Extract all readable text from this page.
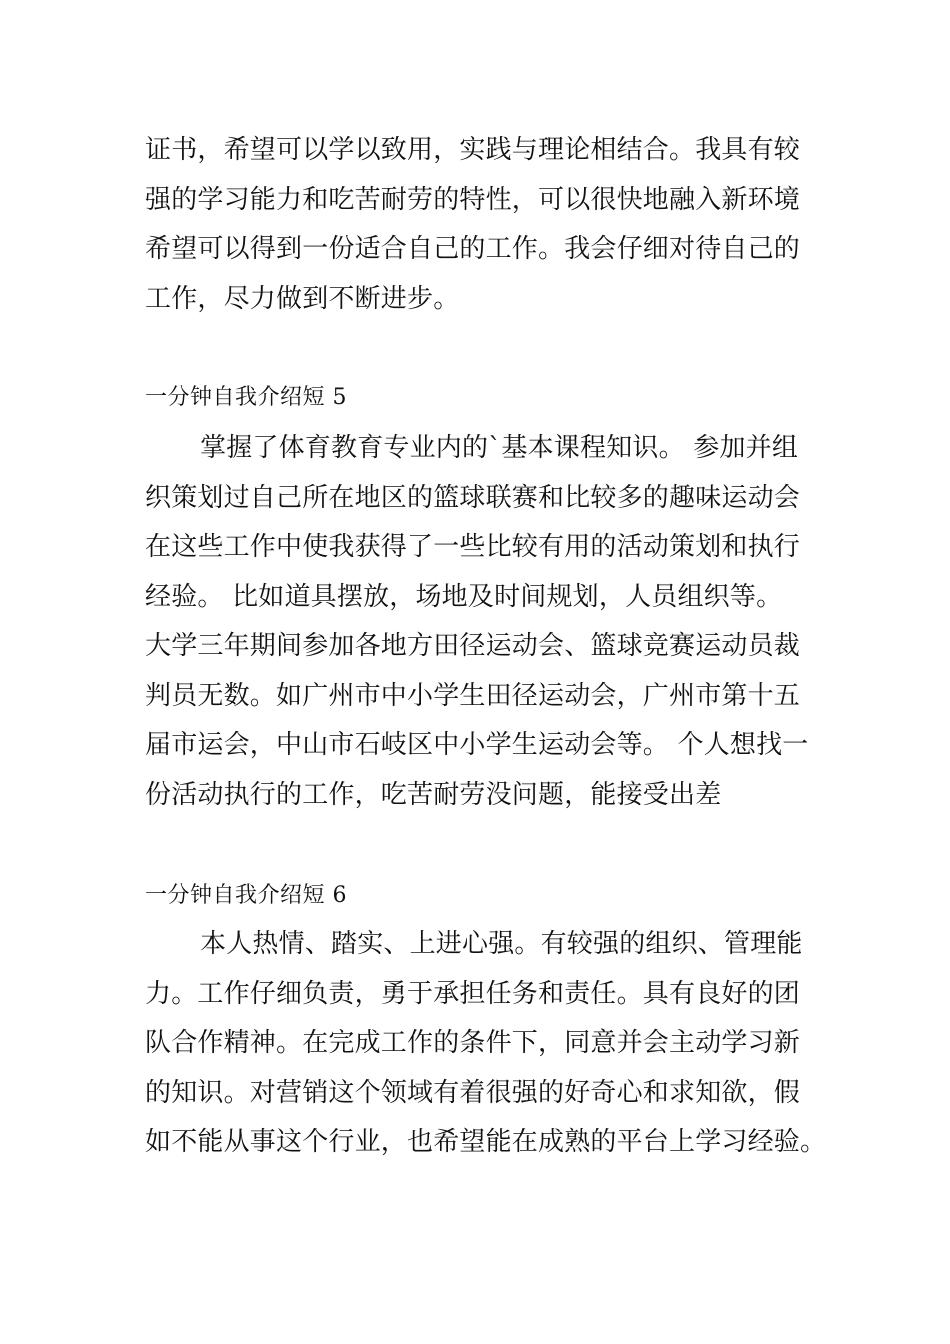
证书，希望可以学以致用，实践与理论相结合。我具有较
强的学习能力和吃苦耐劳的特性，可以很快地融入新环境
希望可以得到一份适合自己的工作。我会仔细对待自己的
工作，尽力做到不断进步。
一分钟自我介绍短 5
掌握了体育教育专业内的`基本课程知识。 参加并组
织策划过自己所在地区的篮球联赛和比较多的趣味运动会
在这些工作中使我获得了一些比较有用的活动策划和执行
经验。 比如道具摆放，场地及时间规划，人员组织等。
大学三年期间参加各地方田径运动会、篮球竞赛运动员裁
判员无数。如广州市中小学生田径运动会，广州市第十五
届市运会，中山市石岐区中小学生运动会等。 个人想找一
份活动执行的工作，吃苦耐劳没问题，能接受出差
一分钟自我介绍短 6
本人热情、踏实、上进心强。有较强的组织、管理能
力。工作仔细负责，勇于承担任务和责任。具有良好的团
队合作精神。在完成工作的条件下，同意并会主动学习新
的知识。对营销这个领域有着很强的好奇心和求知欲，假
如不能从事这个行业，也希望能在成熟的平台上学习经验。
